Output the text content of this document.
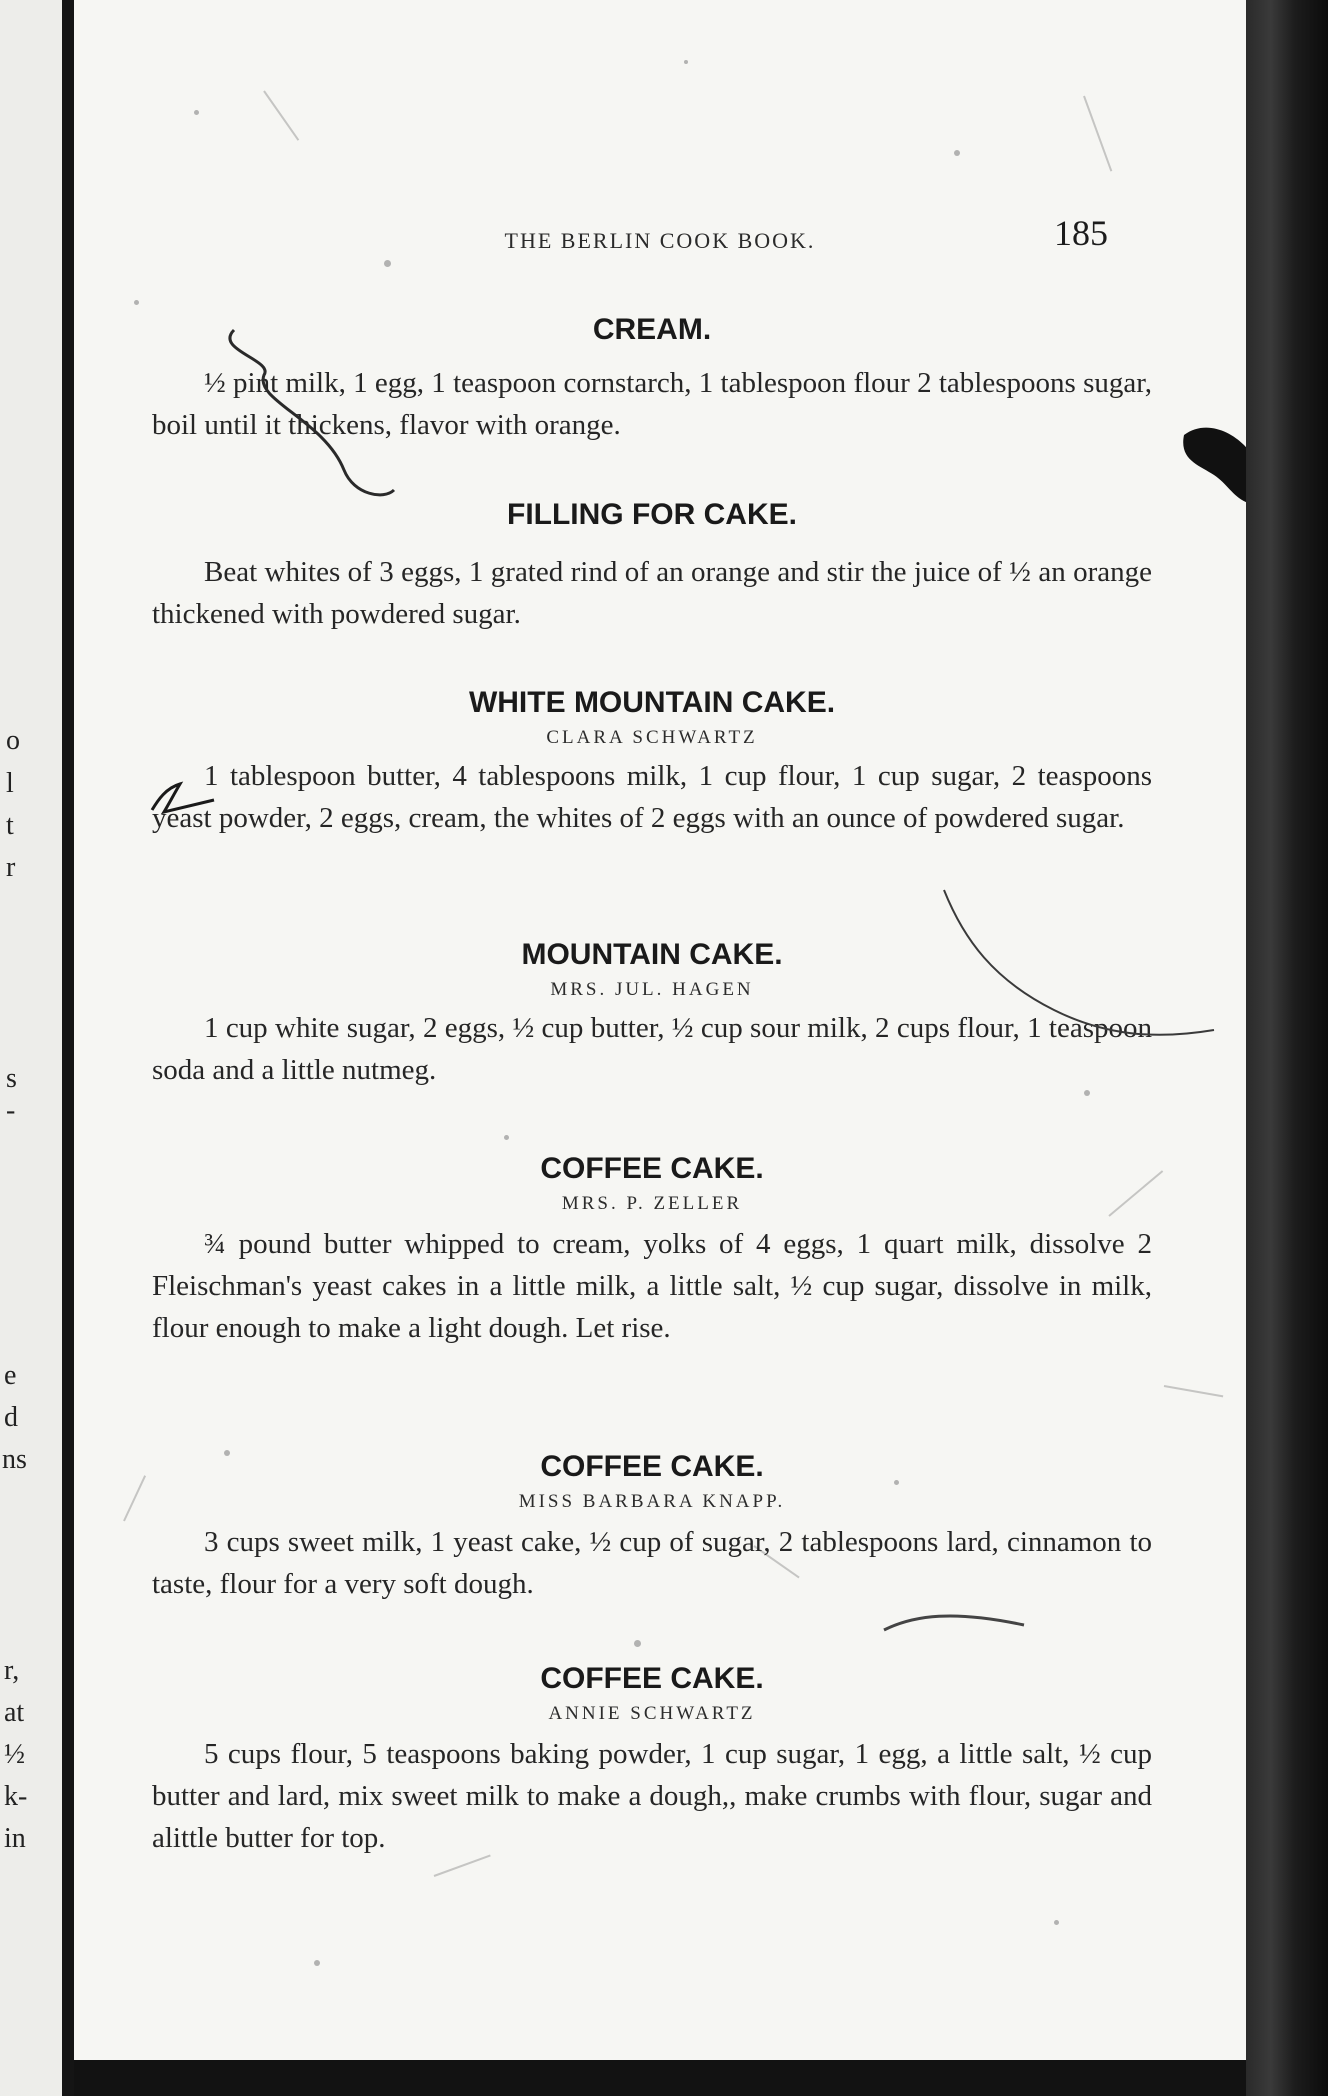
o
l
t
r
s
-
e
d
ns
r,
at
½
k-
in
THE BERLIN COOK BOOK.	185
CREAM.

½ pint milk, 1 egg, 1 teaspoon cornstarch, 1 tablespoon flour 2 tablespoons sugar, boil until it thickens, flavor with orange.

FILLING FOR CAKE.

Beat whites of 3 eggs, 1 grated rind of an orange and stir the juice of ½ an orange thickened with powdered sugar.

WHITE MOUNTAIN CAKE.

CLARA SCHWARTZ

1 tablespoon butter, 4 tablespoons milk, 1 cup flour, 1 cup sugar, 2 teaspoons yeast powder, 2 eggs, cream, the whites of 2 eggs with an ounce of powdered sugar.

MOUNTAIN CAKE.

MRS. JUL. HAGEN

1 cup white sugar, 2 eggs, ½ cup butter, ½ cup sour milk, 2 cups flour, 1 teaspoon soda and a little nutmeg.

COFFEE CAKE.

MRS. P. ZELLER

¾ pound butter whipped to cream, yolks of 4 eggs, 1 quart milk, dissolve 2 Fleischman's yeast cakes in a little milk, a little salt, ½ cup sugar, dissolve in milk, flour enough to make a light dough. Let rise.

COFFEE CAKE.

MISS BARBARA KNAPP.

3 cups sweet milk, 1 yeast cake, ½ cup of sugar, 2 tablespoons lard, cinnamon to taste, flour for a very soft dough.

COFFEE CAKE.

ANNIE SCHWARTZ

5 cups flour, 5 teaspoons baking powder, 1 cup sugar, 1 egg, a little salt, ½ cup butter and lard, mix sweet milk to make a dough,, make crumbs with flour, sugar and alittle butter for top.
